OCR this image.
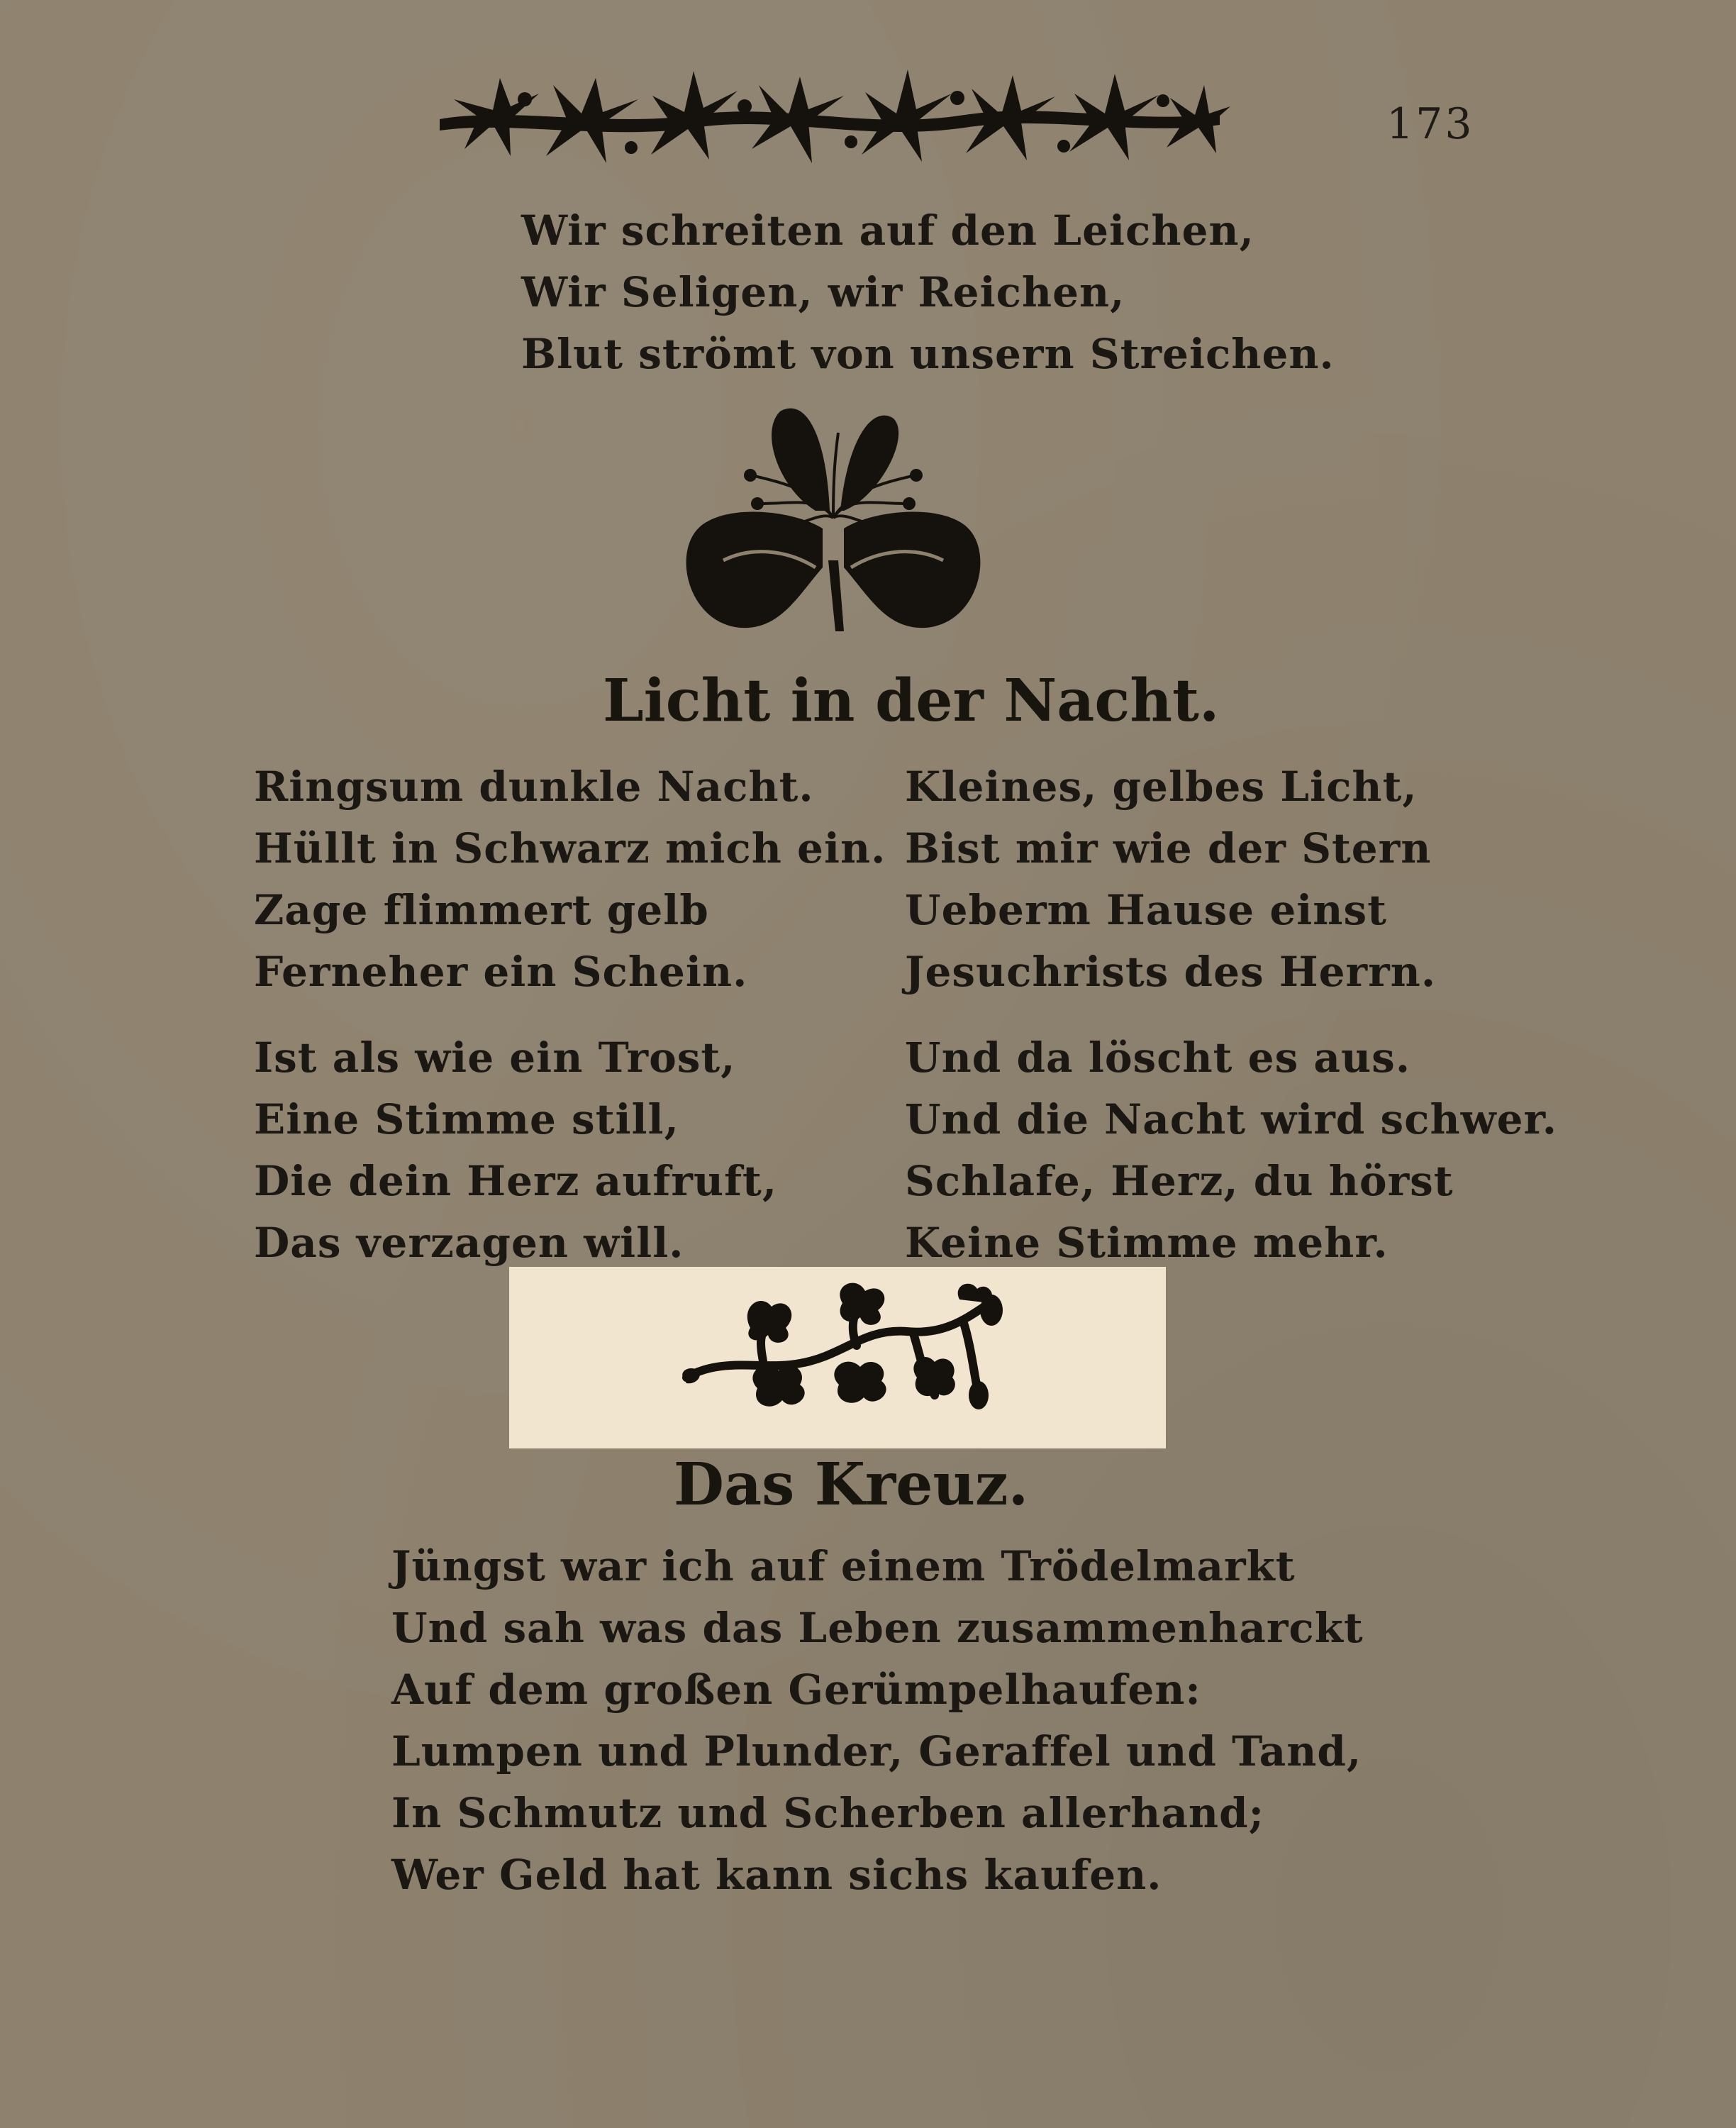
173
Wir schreiten auf den Leichen,
Wir Seligen, wir Reichen,
Blut strömt von unsern Streichen.
Licht in der Nacht.
Ringsum dunkle Nacht.
Hüllt in Schwarz mich ein.
Zage flimmert gelb
Ferneher ein Schein.
Ist als wie ein Trost,
Eine Stimme still,
Die dein Herz aufruft,
Das verzagen will.
Kleines, gelbes Licht,
Bist mir wie der Stern
Ueberm Hause einst
Jesuchrists des Herrn.
Und da löscht es aus.
Und die Nacht wird schwer.
Schlafe, Herz, du hörst
Keine Stimme mehr.
Das Kreuz.
Jüngst war ich auf einem Trödelmarkt
Und sah was das Leben zusammenharckt
Auf dem großen Gerümpelhaufen:
Lumpen und Plunder, Geraffel und Tand,
In Schmutz und Scherben allerhand;
Wer Geld hat kann sichs kaufen.
